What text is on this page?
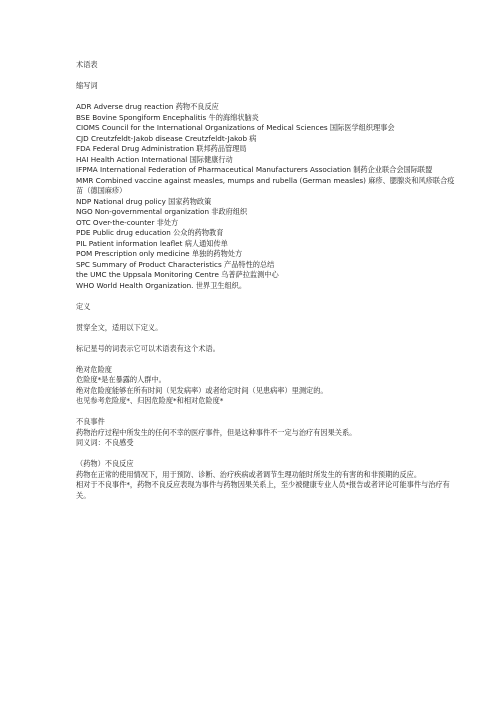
术语表
缩写词
ADR Adverse drug reaction 药物不良反应
BSE Bovine Spongiform Encephalitis 牛的海绵状脑炎
CIOMS Council for the International Organizations of Medical Sciences 国际医学组织理事会
CJD Creutzfeldt-Jakob disease Creutzfeldt-Jakob 病
FDA Federal Drug Administration 联邦药品管理局
HAI Health Action International 国际健康行动
IFPMA International Federation of Pharmaceutical Manufacturers Association 制药企业联合会国际联盟
MMR Combined vaccine against measles, mumps and rubella (German measles) 麻疹、腮腺炎和风疹联合疫苗（德国麻疹）
NDP National drug policy 国家药物政策
NGO Non-governmental organization 非政府组织
OTC Over-the-counter 非处方
PDE Public drug education 公众的药物教育
PIL Patient information leaflet 病人通知传单
POM Prescription only medicine 单独的药物处方
SPC Summary of Product Characteristics 产品特性的总结
the UMC the Uppsala Monitoring Centre 乌普萨拉监测中心
WHO World Health Organization. 世界卫生组织。
定义
贯穿全文，适用以下定义。
标记星号的词表示它可以术语表有这个术语。
绝对危险度
危险度*是在暴露的人群中。
绝对危险度能够在所有时间（见发病率）或者给定时间（见患病率）里测定的。
也见参考危险度*、归因危险度*和相对危险度*
不良事件
药物治疗过程中所发生的任何不幸的医疗事件，但是这种事件不一定与治疗有因果关系。
同义词：不良感受
（药物）不良反应
药物在正常的使用情况下，用于预防、诊断、治疗疾病或者调节生理功能时所发生的有害的和非预期的反应。
相对于不良事件*，药物不良反应表现为事件与药物因果关系上，至少被健康专业人员*报告或者评论可能事件与治疗有关。
